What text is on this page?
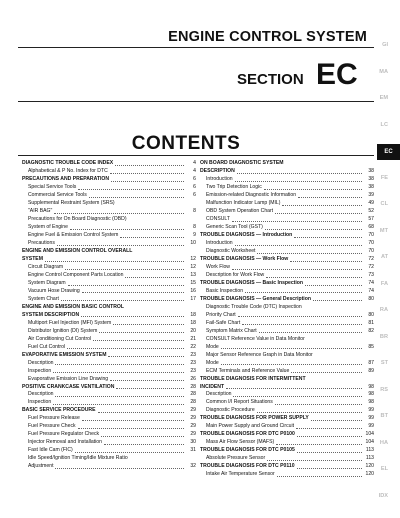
ENGINE CONTROL SYSTEM
SECTION EC
CONTENTS
DIAGNOSTIC TROUBLE CODE INDEX	4
Alphabetical & P No. Index for DTC	4
PRECAUTIONS AND PREPARATION	6
Special Service Tools	6
Commercial Service Tools	6
Supplemental Restraint System (SRS)
"AIR BAG"	8
Precautions for On Board Diagnostic (OBD)
System of Engine	8
Engine Fuel & Emission Control System	9
Precautions	10
ENGINE AND EMISSION CONTROL OVERALL
SYSTEM	12
Circuit Diagram	12
Engine Control Component Parts Location	13
System Diagram	15
Vacuum Hose Drawing	16
System Chart	17
ENGINE AND EMISSION BASIC CONTROL
SYSTEM DESCRIPTION	18
Multiport Fuel Injection (MFI) System	18
Distributor Ignition (DI) System	20
Air Conditioning Cut Control	21
Fuel Cut Control	22
EVAPORATIVE EMISSION SYSTEM	23
Description	23
Inspection	23
Evaporative Emission Line Drawing	26
POSITIVE CRANKCASE VENTILATION	28
Description	28
Inspection	28
BASIC SERVICE PROCEDURE	29
Fuel Pressure Release	29
Fuel Pressure Check	29
Fuel Pressure Regulator Check	29
Injector Removal and Installation	30
Fast Idle Cam (FIC)	31
Idle Speed/Ignition Timing/Idle Mixture Ratio
Adjustment	32
ON BOARD DIAGNOSTIC SYSTEM
DESCRIPTION	38
Introduction	38
Two Trip Detection Logic	38
Emission-related Diagnostic Information	39
Malfunction Indicator Lamp (MIL)	49
OBD System Operation Chart	52
CONSULT	57
Generic Scan Tool (GST)	68
TROUBLE DIAGNOSIS — Introduction	70
Introduction	70
Diagnostic Worksheet	70
TROUBLE DIAGNOSIS — Work Flow	72
Work Flow	72
Description for Work Flow	73
TROUBLE DIAGNOSIS — Basic Inspection	74
Basic Inspection	74
TROUBLE DIAGNOSIS — General Description	80
Diagnostic Trouble Code (DTC) Inspection
Priority Chart	80
Fail-Safe Chart	81
Symptom Matrix Chart	82
CONSULT Reference Value in Data Monitor
Mode	85
Major Sensor Reference Graph in Data Monitor
Mode	87
ECM Terminals and Reference Value	89
TROUBLE DIAGNOSIS FOR INTERMITTENT
INCIDENT	98
Description	98
Common I/I Report Situations	98
Diagnostic Procedure	99
TROUBLE DIAGNOSIS FOR POWER SUPPLY	99
Main Power Supply and Ground Circuit	99
TROUBLE DIAGNOSIS FOR DTC P0100	104
Mass Air Flow Sensor (MAFS)	104
TROUBLE DIAGNOSIS FOR DTC P0105	113
Absolute Pressure Sensor	113
TROUBLE DIAGNOSIS FOR DTC P0110	120
Intake Air Temperature Sensor	120
GI
MA
EM
LC
EC
FE
CL
MT
AT
FA
RA
BR
ST
RS
BT
HA
EL
IDX
